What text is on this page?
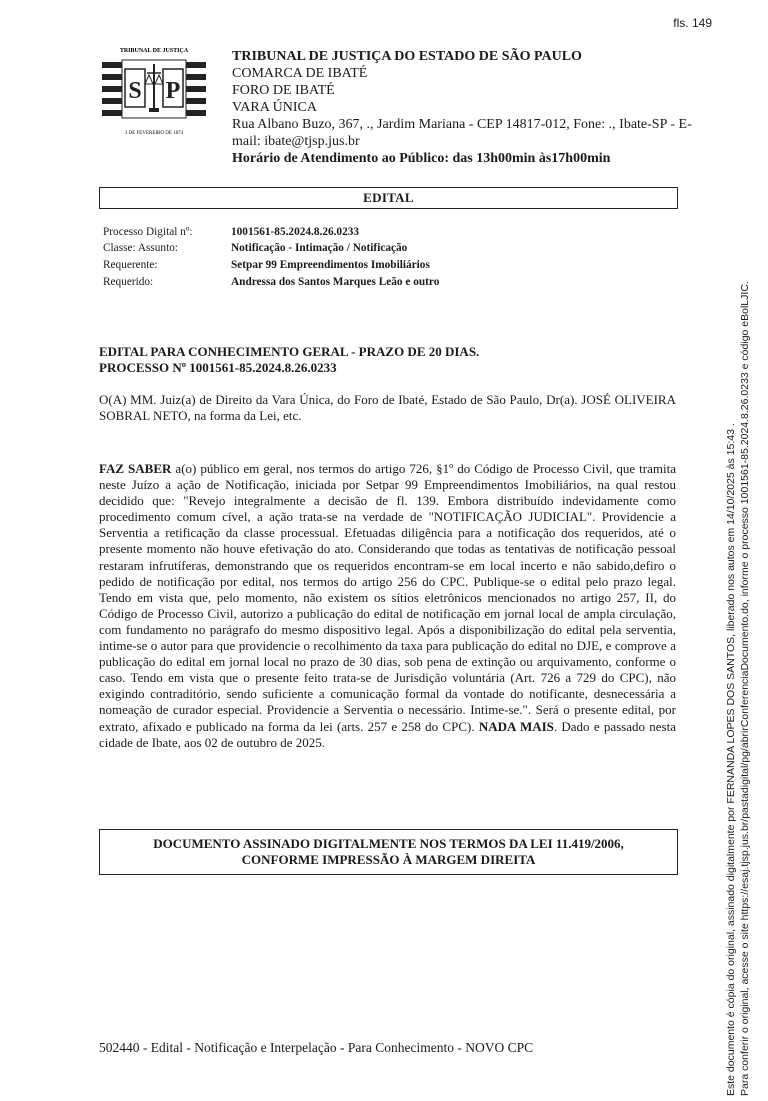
fls. 149
TRIBUNAL DE JUSTIÇA
S P
3 DE FEVEREIRO DE 1874
TRIBUNAL DE JUSTIÇA DO ESTADO DE SÃO PAULO
COMARCA DE IBATÉ
FORO DE IBATÉ
VARA ÚNICA
Rua Albano Buzo, 367, ., Jardim Mariana - CEP 14817-012, Fone: ., Ibate-SP - E-mail: ibate@tjsp.jus.br
Horário de Atendimento ao Público: das 13h00min às17h00min
EDITAL
Processo Digital nº:	1001561-85.2024.8.26.0233
Classe: Assunto:	Notificação - Intimação / Notificação
Requerente:	Setpar 99 Empreendimentos Imobiliários
Requerido:	Andressa dos Santos Marques Leão e outro
EDITAL PARA CONHECIMENTO GERAL - PRAZO DE 20 DIAS.
PROCESSO Nº 1001561-85.2024.8.26.0233
O(A) MM. Juiz(a) de Direito da Vara Única, do Foro de Ibaté, Estado de São Paulo, Dr(a). JOSÉ OLIVEIRA SOBRAL NETO, na forma da Lei, etc.
FAZ SABER a(o) público em geral, nos termos do artigo 726, §1º do Código de Processo Civil, que tramita neste Juízo a ação de Notificação, iniciada por Setpar 99 Empreendimentos Imobiliários, na qual restou decidido que: "Revejo integralmente a decisão de fl. 139. Embora distribuído indevidamente como procedimento comum cível, a ação trata-se na verdade de "NOTIFICAÇÃO JUDICIAL". Providencie a Serventia a retificação da classe processual. Efetuadas diligência para a notificação dos requeridos, até o presente momento não houve efetivação do ato. Considerando que todas as tentativas de notificação pessoal restaram infrutíferas, demonstrando que os requeridos encontram-se em local incerto e não sabido,defiro o pedido de notificação por edital, nos termos do artigo 256 do CPC. Publique-se o edital pelo prazo legal. Tendo em vista que, pelo momento, não existem os sítios eletrônicos mencionados no artigo 257, II, do Código de Processo Civil, autorizo a publicação do edital de notificação em jornal local de ampla circulação, com fundamento no parágrafo do mesmo dispositivo legal. Após a disponibilização do edital pela serventia, intime-se o autor para que providencie o recolhimento da taxa para publicação do edital no DJE, e comprove a publicação do edital em jornal local no prazo de 30 dias, sob pena de extinção ou arquivamento, conforme o caso. Tendo em vista que o presente feito trata-se de Jurisdição voluntária (Art. 726 a 729 do CPC), não exigindo contraditório, sendo suficiente a comunicação formal da vontade do notificante, desnecessária a nomeação de curador especial. Providencie a Serventia o necessário. Intime-se.". Será o presente edital, por extrato, afixado e publicado na forma da lei (arts. 257 e 258 do CPC). NADA MAIS. Dado e passado nesta cidade de Ibate, aos 02 de outubro de 2025.
DOCUMENTO ASSINADO DIGITALMENTE NOS TERMOS DA LEI 11.419/2006,
CONFORME IMPRESSÃO À MARGEM DIREITA
502440 - Edital - Notificação e Interpelação - Para Conhecimento - NOVO CPC	Este documento é cópia do original, assinado digitalmente por FERNANDA LOPES DOS SANTOS, liberado nos autos em 14/10/2025 às 15:43 . Para conferir o original, acesse o site https://esaj.tjsp.jus.br/pastadigital/pg/abrirConferenciaDocumento.do, informe o processo 1001561-85.2024.8.26.0233 e código eBolLJIC.
